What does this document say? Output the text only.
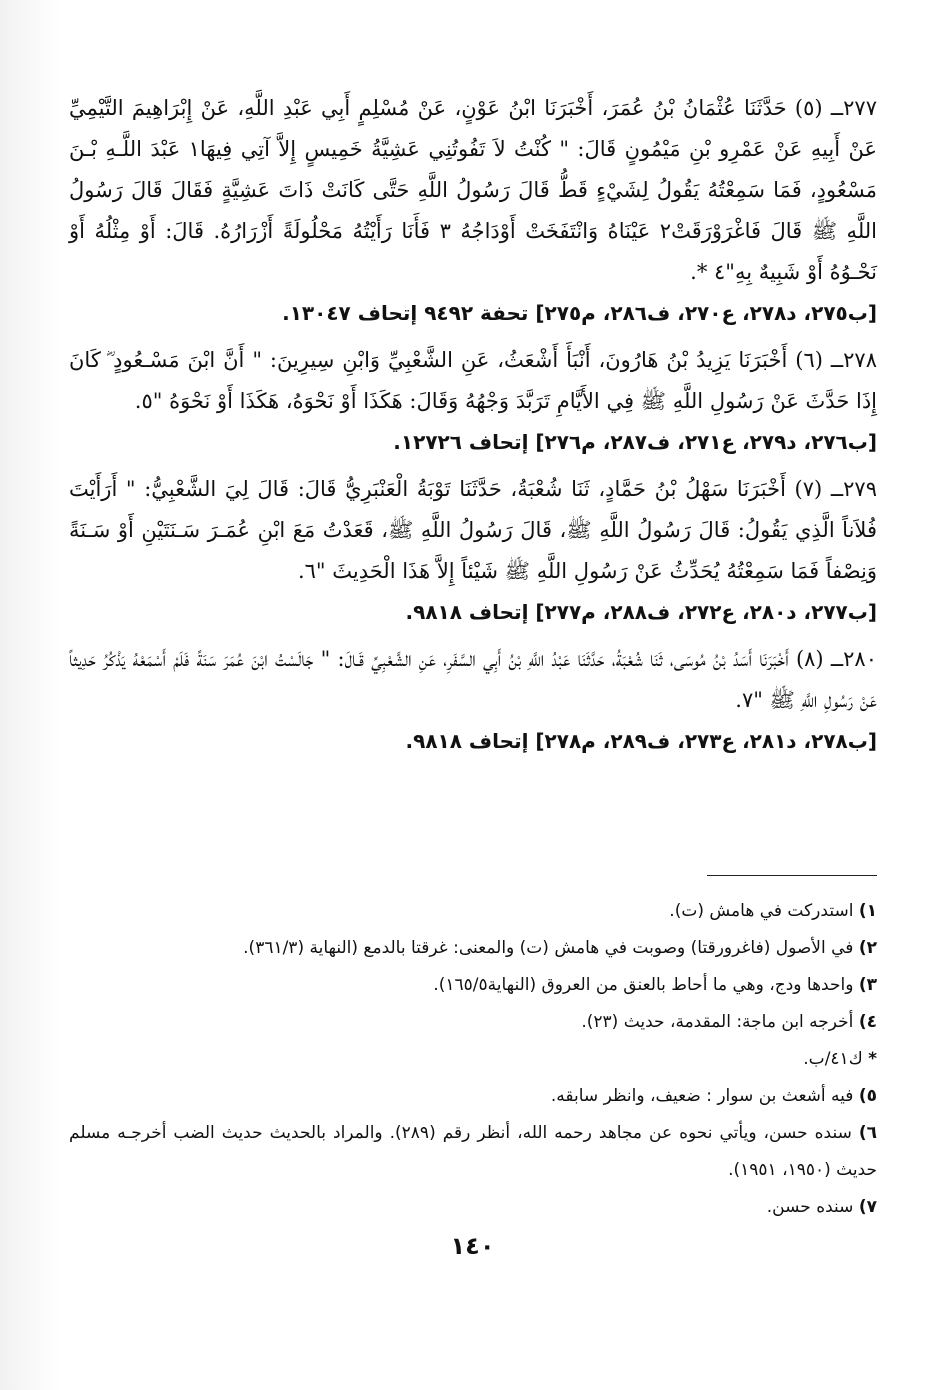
٢٧٧ــ (٥) حَدَّثَنَا عُثْمَانُ بْنُ عُمَرَ، أَخْبَرَنَا ابْنُ عَوْنٍ، عَنْ مُسْلِمٍ أَبِي عَبْدِ اللَّهِ، عَنْ إِبْرَاهِيمَ التَّيْمِيِّ عَنْ أَبِيهِ عَنْ عَمْرِو بْنِ مَيْمُونٍ قَالَ: " كُنْتُ لاَ تَفُوتُنِي عَشِيَّةُ خَمِيسٍ إِلاَّ آتِي فِيهَا١ عَبْدَ اللَّـهِ بْـنَ مَسْعُودٍ، فَمَا سَمِعْتُهُ يَقُولُ لِشَيْءٍ قَطُّ قَالَ رَسُولُ اللَّهِ حَتَّى كَانَتْ ذَاتَ عَشِيَّةٍ فَقَالَ قَالَ رَسُولُ اللَّهِ ﷺ قَالَ فَاغْرَوْرَقَتْ٢ عَيْنَاهُ وَانْتَفَخَتْ أَوْدَاجُهُ ٣ فَأَنَا رَأَيْتُهُ مَحْلُولَةً أَزْرَارُهُ. قَالَ: أَوْ مِثْلُهُ أَوْ نَحْـوُهُ أَوْ شَبِيهٌ بِهِ"٤ *.

[ب٢٧٥، د٢٧٨، ع٢٧٠، ف٢٨٦، م٢٧٥] تحفة ٩٤٩٢ إتحاف ١٣٠٤٧.

٢٧٨ــ (٦) أَخْبَرَنَا يَزِيدُ بْنُ هَارُونَ، أَنْبَأَ أَشْعَثُ، عَنِ الشَّعْبِيِّ وَابْنِ سِيرِينَ: " أَنَّ ابْنَ مَسْـعُودٍ ؓ كَانَ إِذَا حَدَّثَ عَنْ رَسُولِ اللَّهِ ﷺ فِي الأَيَّامِ تَرَبَّدَ وَجْهُهُ وَقَالَ: هَكَذَا أَوْ نَحْوَهُ، هَكَذَا أَوْ نَحْوَهُ "٥.

[ب٢٧٦، د٢٧٩، ع٢٧١، ف٢٨٧، م٢٧٦] إتحاف ١٢٧٢٦.

٢٧٩ــ (٧) أَخْبَرَنَا سَهْلُ بْنُ حَمَّادٍ، ثَنَا شُعْبَةُ، حَدَّثَنَا تَوْبَةُ الْعَنْبَرِيُّ قَالَ: قَالَ لِيَ الشَّعْبِيُّ: " أَرَأَيْتَ فُلاَناً الَّذِي يَقُولُ: قَالَ رَسُولُ اللَّهِ ﷺ، قَالَ رَسُولُ اللَّهِ ﷺ، قَعَدْتُ مَعَ ابْنِ عُمَـرَ سَـنَتَيْنِ أَوْ سَـنَةً وَنِصْفاً فَمَا سَمِعْتُهُ يُحَدِّثُ عَنْ رَسُولِ اللَّهِ ﷺ شَيْئاً إِلاَّ هَذَا الْحَدِيثَ "٦.

[ب٢٧٧، د٢٨٠، ع٢٧٢، ف٢٨٨، م٢٧٧] إتحاف ٩٨١٨.

٢٨٠ــ (٨) أَخْبَرَنَا أَسَدُ بْنُ مُوسَى، ثَنَا شُعْبَةُ، حَدَّثَنَا عَبْدُ اللَّهِ بْنُ أَبِي السَّفَرِ، عَنِ الشَّعْبِيِّ قَـالَ: " جَالَسْتُ ابْنَ عُمَرَ سَنَةً فَلَمْ أَسْمَعْهُ يَذْكُرُ حَدِيثاً عَنْ رَسُولِ اللَّهِ ﷺ "٧.

[ب٢٧٨، د٢٨١، ع٢٧٣، ف٢٨٩، م٢٧٨] إتحاف ٩٨١٨.

١) استدركت في هامش (ت).

٢) في الأصول (فاغرورقتا) وصوبت في هامش (ت) والمعنى: غرقتا بالدمع (النهاية (٣٦١/٣).

٣) واحدها ودج، وهي ما أحاط بالعنق من العروق (النهاية١٦٥/٥).

٤) أخرجه ابن ماجة: المقدمة، حديث (٢٣).

* ك٤١/ب.

٥) فيه أشعث بن سوار : ضعيف، وانظر سابقه.

٦) سنده حسن، ويأتي نحوه عن مجاهد رحمه الله، أنظر رقم (٢٨٩). والمراد بالحديث حديث الضب أخرجـه مسلم حديث (١٩٥٠، ١٩٥١).

٧) سنده حسن.

١٤٠
